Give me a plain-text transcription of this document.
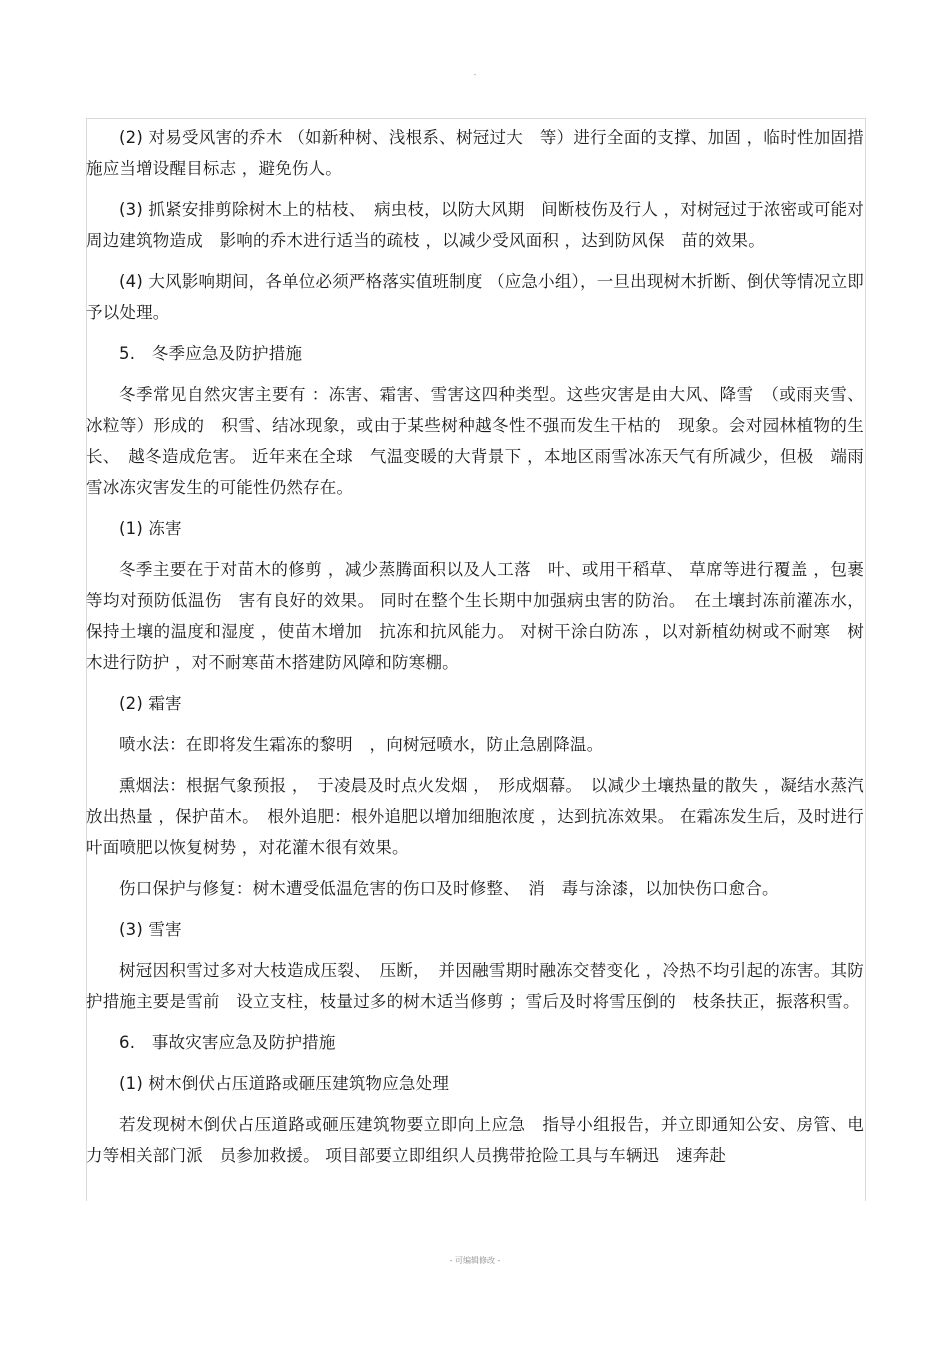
-

(2) 对易受风害的乔木 （如新种树、浅根系、树冠过大　等）进行全面的支撑、加固 ，临时性加固措施应当增设醒目标志 ，避免伤人。

(3) 抓紧安排剪除树木上的枯枝、　病虫枝，以防大风期　间断枝伤及行人 ，对树冠过于浓密或可能对周边建筑物造成　影响的乔木进行适当的疏枝 ，以减少受风面积 ，达到防风保　苗的效果。

(4) 大风影响期间，各单位必须严格落实值班制度 （应急小组），一旦出现树木折断、倒伏等情况立即予以处理。

5.　冬季应急及防护措施

冬季常见自然灾害主要有 ：冻害、霜害、雪害这四种类型。这些灾害是由大风、降雪　（或雨夹雪、冰粒等）形成的　积雪、结冰现象，或由于某些树种越冬性不强而发生干枯的　现象。会对园林植物的生长、　越冬造成危害。 近年来在全球　气温变暖的大背景下 ，本地区雨雪冰冻天气有所减少，但极　端雨雪冰冻灾害发生的可能性仍然存在。

(1) 冻害

冬季主要在于对苗木的修剪 ，减少蒸腾面积以及人工落　叶、或用干稻草、 草席等进行覆盖 ，包裹等均对预防低温伤　害有良好的效果。 同时在整个生长期中加强病虫害的防治。　在土壤封冻前灌冻水，保持土壤的温度和湿度 ，使苗木增加　抗冻和抗风能力。 对树干涂白防冻 ，以对新植幼树或不耐寒　树木进行防护 ，对不耐寒苗木搭建防风障和防寒棚。

(2) 霜害

喷水法：在即将发生霜冻的黎明　，向树冠喷水，防止急剧降温。

熏烟法：根据气象预报 ，　于凌晨及时点火发烟 ，　形成烟幕。　以减少土壤热量的散失 ，凝结水蒸汽放出热量 ，保护苗木。　根外追肥：根外追肥以增加细胞浓度 ，达到抗冻效果。 在霜冻发生后，及时进行叶面喷肥以恢复树势 ，对花灌木很有效果。

伤口保护与修复：树木遭受低温危害的伤口及时修整、　消　毒与涂漆，以加快伤口愈合。

(3) 雪害

树冠因积雪过多对大枝造成压裂、　压断，　并因融雪期时融冻交替变化 ，冷热不均引起的冻害。其防护措施主要是雪前　设立支柱，枝量过多的树木适当修剪 ；雪后及时将雪压倒的　枝条扶正，振落积雪。

6.　事故灾害应急及防护措施

(1) 树木倒伏占压道路或砸压建筑物应急处理

若发现树木倒伏占压道路或砸压建筑物要立即向上应急　指导小组报告，并立即通知公安、房管、电力等相关部门派　员参加救援。 项目部要立即组织人员携带抢险工具与车辆迅　速奔赴

- 可编辑修改 -
